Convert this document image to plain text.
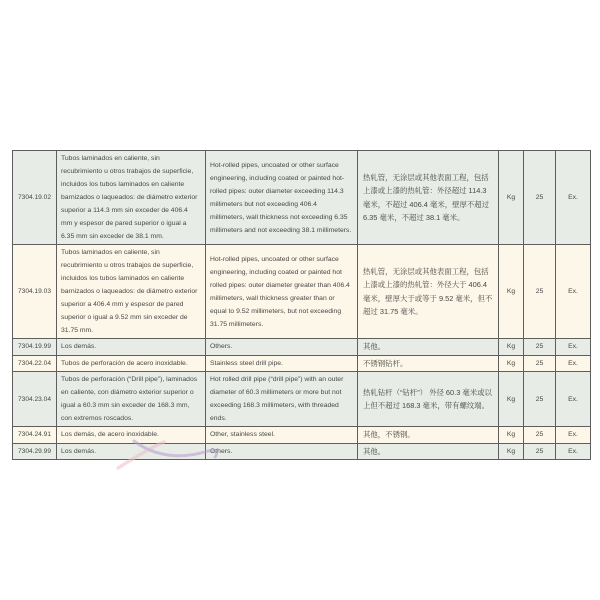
7304.19.02	Tubos laminados en caliente, sin recubrimiento u otros trabajos de superficie, incluidos los tubos laminados en caliente barnizados o laqueados: de diámetro exterior superior a 114.3 mm sin exceder de 406.4 mm y espesor de pared superior o igual a 6.35 mm sin exceder de 38.1 mm.	Hot-rolled pipes, uncoated or other surface engineering, including coated or painted hot-rolled pipes: outer diameter exceeding 114.3 millimeters but not exceeding 406.4 millimeters, wall thickness not exceeding 6.35 millimeters and not exceeding 38.1 millimeters.	热轧管，无涂层或其他表面工程，包括上漆或上漆的热轧管：外径超过 114.3 毫米，不超过 406.4 毫米，壁厚不超过 6.35 毫米，不超过 38.1 毫米。	Kg	25	Ex.
7304.19.03	Tubos laminados en caliente, sin recubrimiento u otros trabajos de superficie, incluidos los tubos laminados en caliente barnizados o laqueados: de diámetro exterior superior a 406.4 mm y espesor de pared superior o igual a 9.52 mm sin exceder de 31.75 mm.	Hot-rolled pipes, uncoated or other surface engineering, including coated or painted hot rolled pipes: outer diameter greater than 406.4 millimeters, wall thickness greater than or equal to 9.52 millimeters, but not exceeding 31.75 millimeters.	热轧管，无涂层或其他表面工程，包括上漆或上漆的热轧管：外径大于 406.4 毫米，壁厚大于或等于 9.52 毫米，但不超过 31.75 毫米。	Kg	25	Ex.
7304.19.99	Los demás.	Others.	其他。	Kg	25	Ex.
7304.22.04	Tubos de perforación de acero inoxidable.	Stainless steel drill pipe.	不锈钢钻杆。	Kg	25	Ex.
7304.23.04	Tubos de perforación (“Drill pipe”), laminados en caliente, con diámetro exterior superior o igual a 60.3 mm sin exceder de 168.3 mm, con extremos roscados.	Hot rolled drill pipe (“drill pipe”) with an outer diameter of 60.3 millimeters or more but not exceeding 168.3 millimeters, with threaded ends.	热轧钻杆（“钻杆”） 外径 60.3 毫米或以上但不超过 168.3 毫米，带有螺纹端。	Kg	25	Ex.
7304.24.91	Los demás, de acero inoxidable.	Other, stainless steel.	其他，不锈钢。	Kg	25	Ex.
7304.29.99	Los demás.	Others.	其他。	Kg	25	Ex.
